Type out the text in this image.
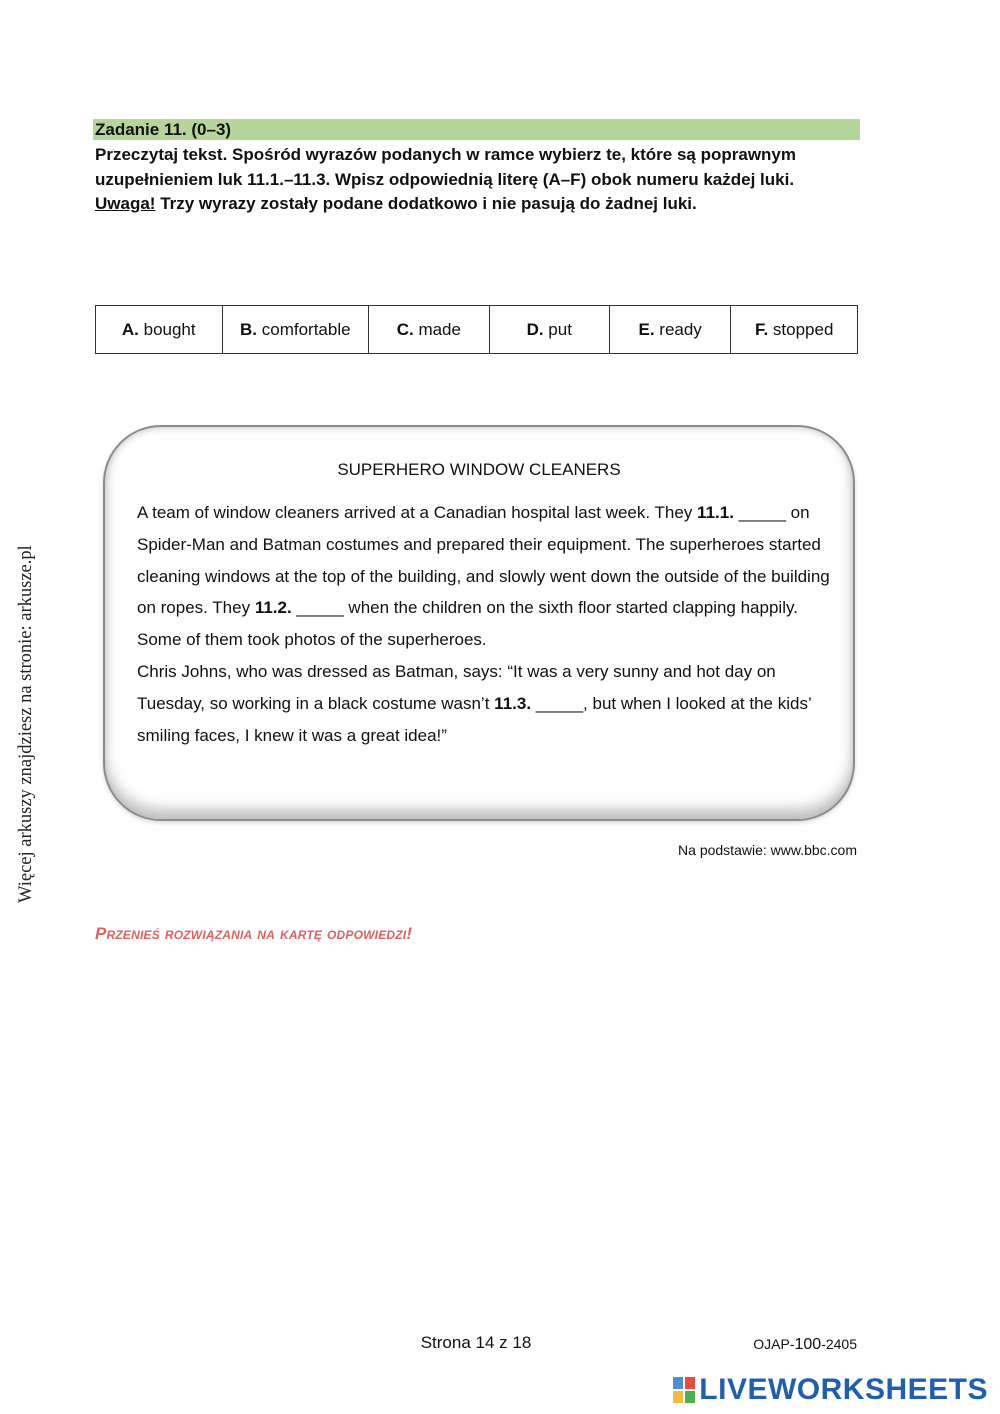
Więcej arkuszy znajdziesz na stronie: arkusze.pl
Zadanie 11. (0–3)
Przeczytaj tekst. Spośród wyrazów podanych w ramce wybierz te, które są poprawnym uzupełnieniem luk 11.1.–11.3. Wpisz odpowiednią literę (A–F) obok numeru każdej luki.
Uwaga! Trzy wyrazy zostały podane dodatkowo i nie pasują do żadnej luki.
A. bought	B. comfortable	C. made	D. put	E. ready	F. stopped
SUPERHERO WINDOW CLEANERS

A team of window cleaners arrived at a Canadian hospital last week. They 11.1. _____ on Spider-Man and Batman costumes and prepared their equipment. The superheroes started cleaning windows at the top of the building, and slowly went down the outside of the building on ropes. They 11.2. _____ when the children on the sixth floor started clapping happily. Some of them took photos of the superheroes.

Chris Johns, who was dressed as Batman, says: “It was a very sunny and hot day on Tuesday, so working in a black costume wasn’t 11.3. _____, but when I looked at the kids’ smiling faces, I knew it was a great idea!”

Na podstawie: www.bbc.com
Przenieś rozwiązania na kartę odpowiedzi!
Strona 14 z 18	OJAP-100-2405
LIVEWORKSHEETS
